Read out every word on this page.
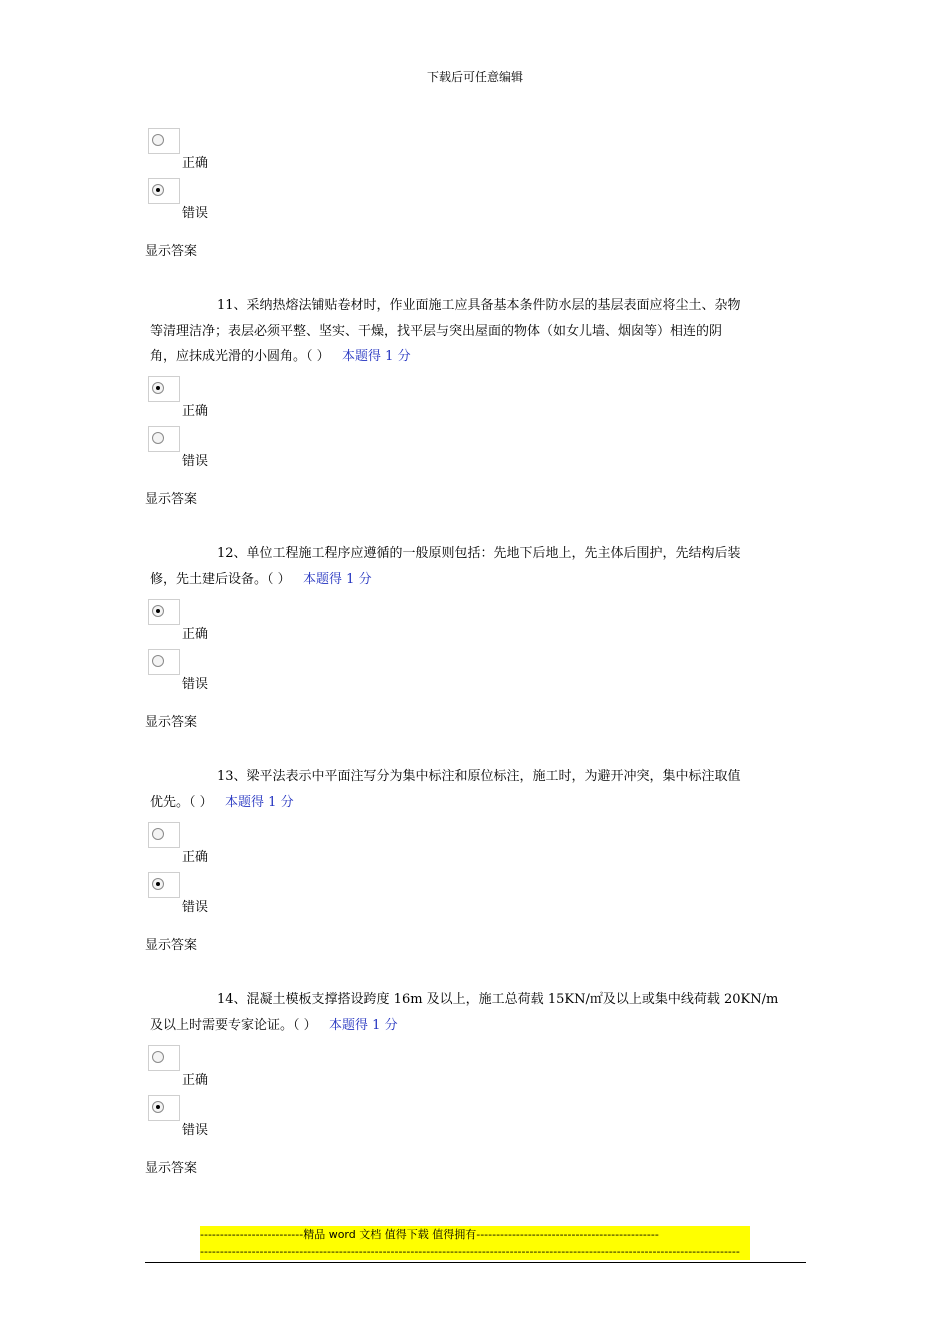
下载后可任意编辑
正确
错误
显示答案
11、采纳热熔法铺贴卷材时，作业面施工应具备基本条件防水层的基层表面应将尘土、杂物
等清理洁净；表层必须平整、坚实、干燥，找平层与突出屋面的物体（如女儿墙、烟囱等）相连的阴
角，应抹成光滑的小圆角。（ ） 本题得 1 分
正确
错误
显示答案
12、单位工程施工程序应遵循的一般原则包括：先地下后地上，先主体后围护，先结构后装
修，先土建后设备。（ ） 本题得 1 分
正确
错误
显示答案
13、梁平法表示中平面注写分为集中标注和原位标注，施工时，为避开冲突，集中标注取值
优先。（ ） 本题得 1 分
正确
错误
显示答案
14、混凝土模板支撑搭设跨度 16m 及以上，施工总荷载 15KN/㎡及以上或集中线荷载 20KN/m
及以上时需要专家论证。（ ） 本题得 1 分
正确
错误
显示答案
--------------------------精品 word 文档 值得下载 值得拥有----------------------------------------------
----------------------------------------------------------------------------------------------------------------------------------------
